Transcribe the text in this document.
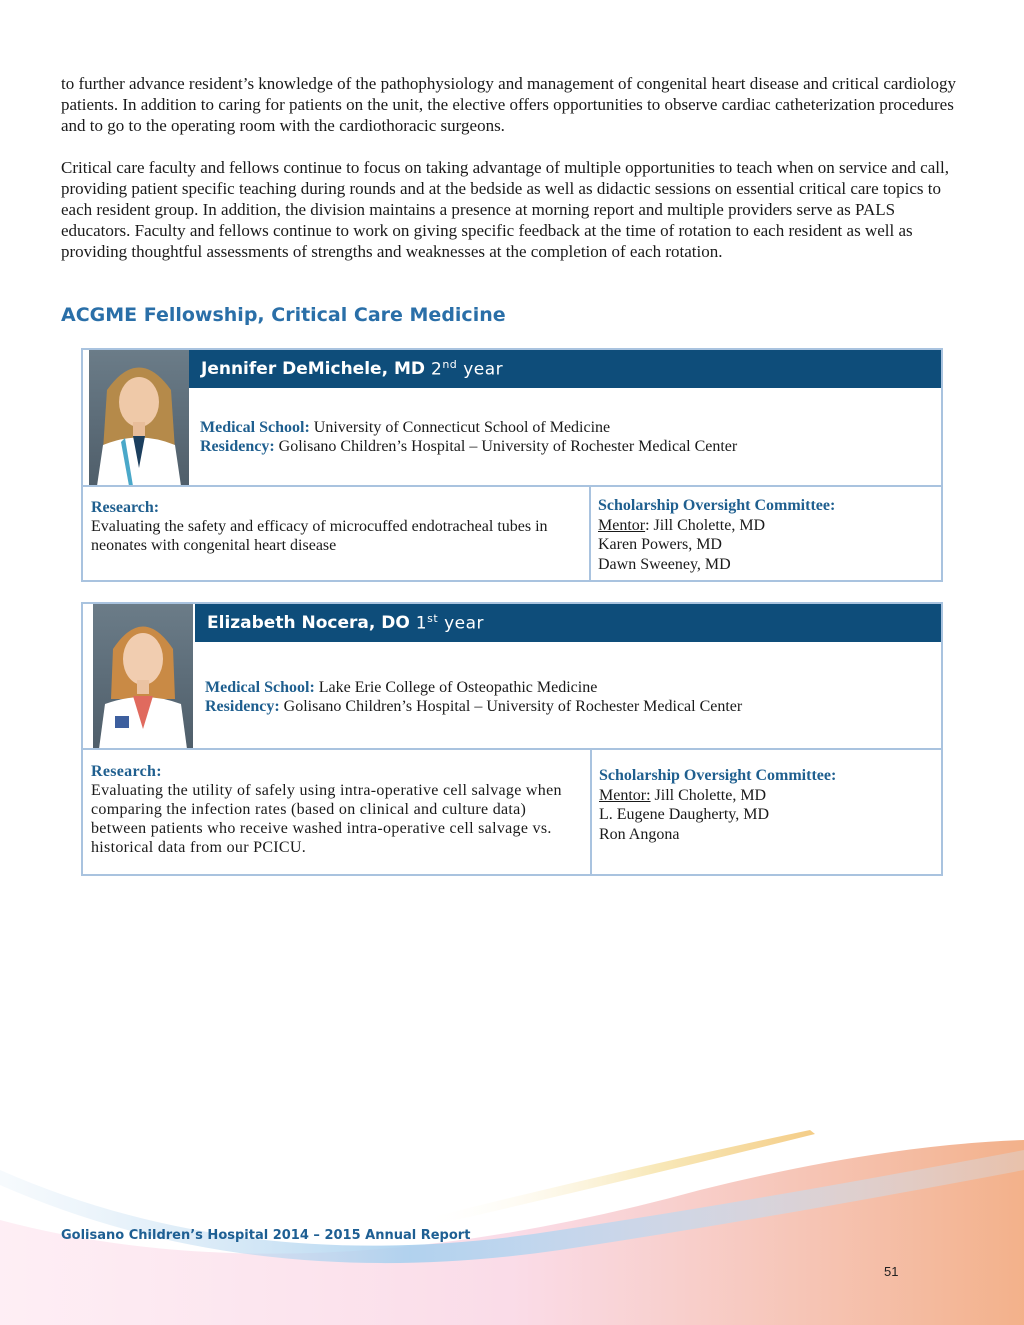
to further advance resident’s knowledge of the pathophysiology and management of congenital heart disease and critical cardiology patients. In addition to caring for patients on the unit, the elective offers opportunities to observe cardiac catheterization procedures and to go to the operating room with the cardiothoracic surgeons.

Critical care faculty and fellows continue to focus on taking advantage of multiple opportunities to teach when on service and call, providing patient specific teaching during rounds and at the bedside as well as didactic sessions on essential critical care topics to each resident group. In addition, the division maintains a presence at morning report and multiple providers serve as PALS educators. Faculty and fellows continue to work on giving specific feedback at the time of rotation to each resident as well as providing thoughtful assessments of strengths and weaknesses at the completion of each rotation.

ACGME Fellowship, Critical Care Medicine
Jennifer DeMichele, MD 2nd year
Medical School: University of Connecticut School of Medicine
Residency: Golisano Children’s Hospital – University of Rochester Medical Center
Research:
Evaluating the safety and efficacy of microcuffed endotracheal tubes in neonates with congenital heart disease
Scholarship Oversight Committee:
Mentor: Jill Cholette, MD
Karen Powers, MD
Dawn Sweeney, MD
Elizabeth Nocera, DO 1st year
Medical School: Lake Erie College of Osteopathic Medicine
Residency: Golisano Children’s Hospital – University of Rochester Medical Center
Research:
Evaluating the utility of safely using intra-operative cell salvage when comparing the infection rates (based on clinical and culture data) between patients who receive washed intra-operative cell salvage vs. historical data from our PCICU.
Scholarship Oversight Committee:
Mentor: Jill Cholette, MD
L. Eugene Daugherty, MD
Ron Angona
Golisano Children’s Hospital 2014 – 2015 Annual Report
51
